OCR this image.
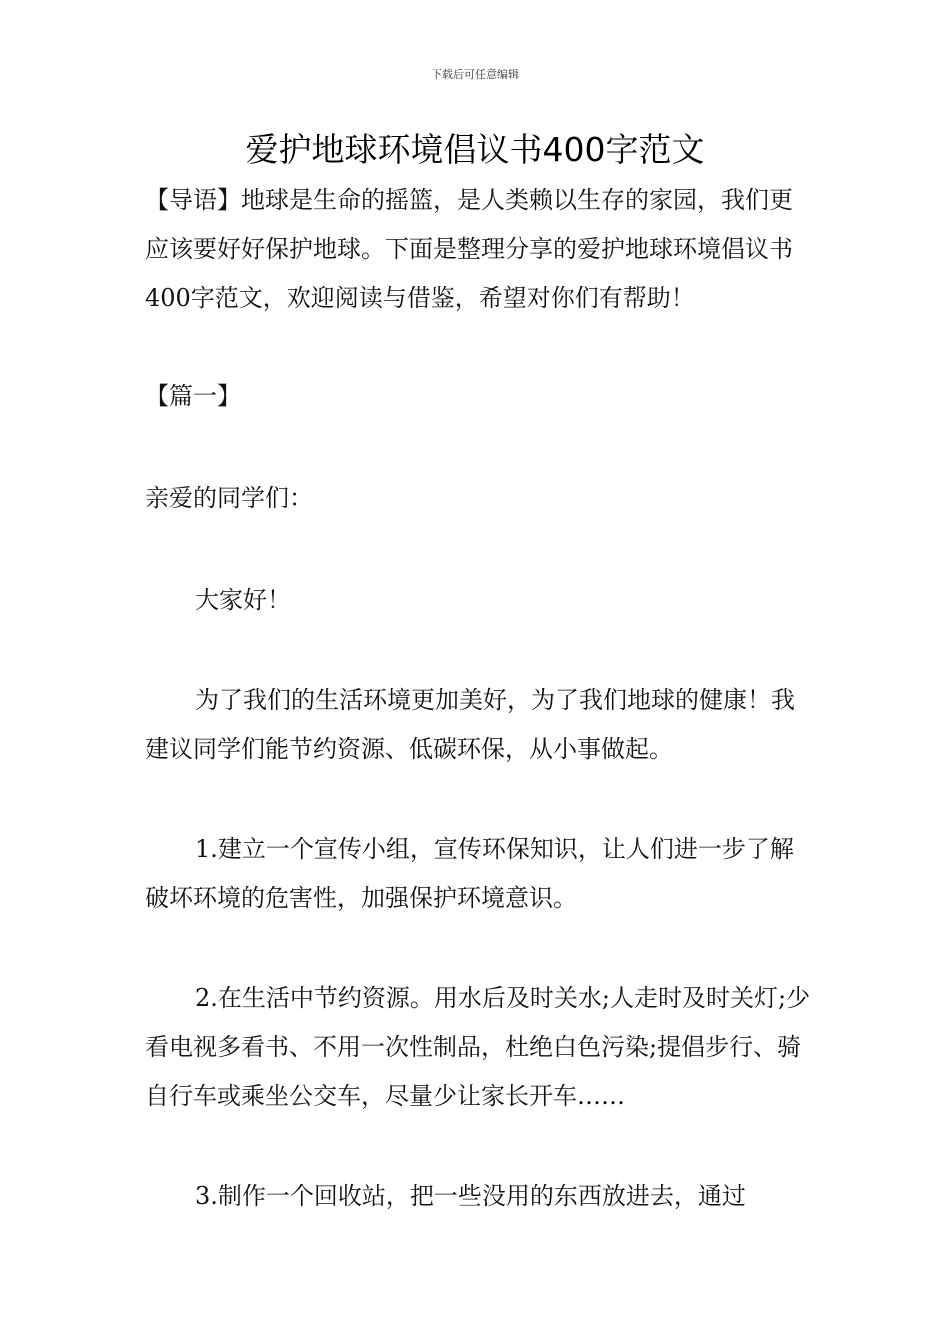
下载后可任意编辑
爱护地球环境倡议书400字范文

【导语】地球是生命的摇篮，是人类赖以生存的家园，我们更应该要好好保护地球。下面是整理分享的爱护地球环境倡议书400字范文，欢迎阅读与借鉴，希望对你们有帮助！

【篇一】

亲爱的同学们：

大家好！

为了我们的生活环境更加美好，为了我们地球的健康！我建议同学们能节约资源、低碳环保，从小事做起。

1.建立一个宣传小组，宣传环保知识，让人们进一步了解破坏环境的危害性，加强保护环境意识。

2.在生活中节约资源。用水后及时关水;人走时及时关灯;少看电视多看书、不用一次性制品，杜绝白色污染;提倡步行、骑自行车或乘坐公交车，尽量少让家长开车……

3.制作一个回收站，把一些没用的东西放进去，通过
